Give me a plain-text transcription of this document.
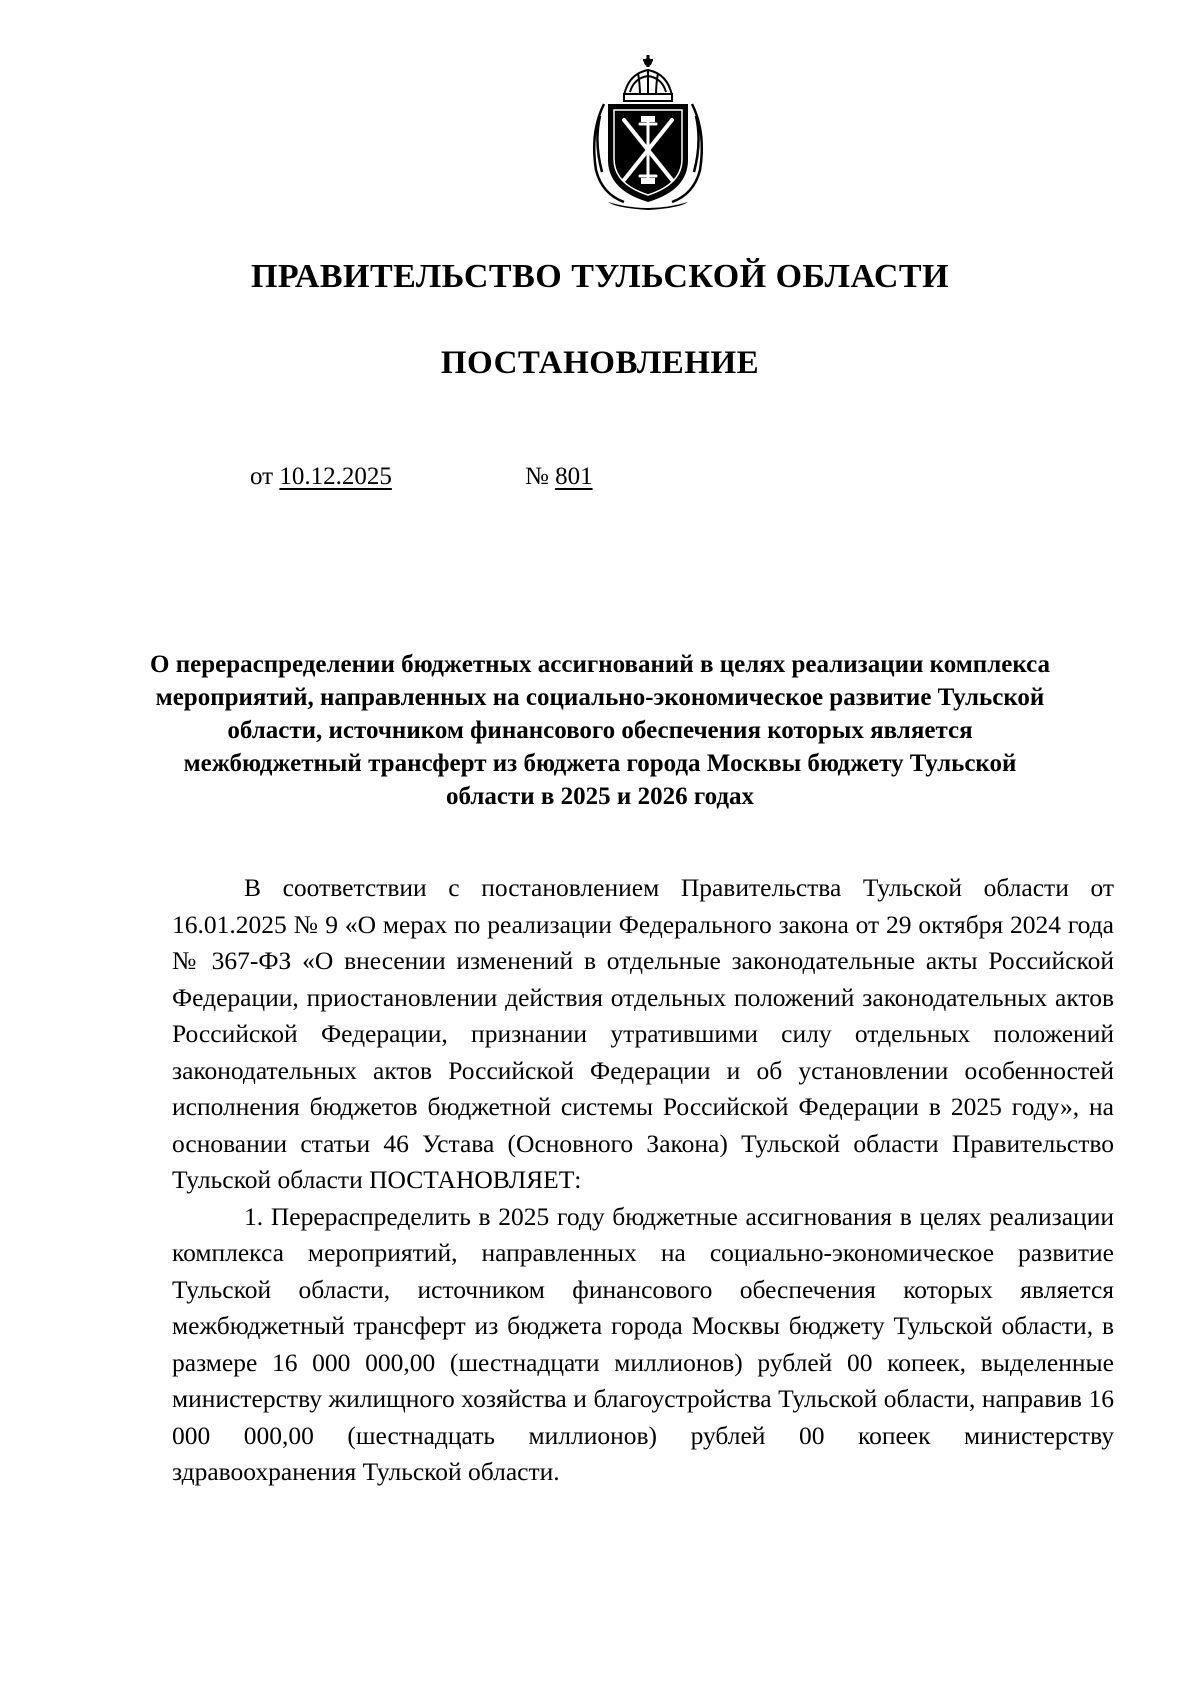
ПРАВИТЕЛЬСТВО ТУЛЬСКОЙ ОБЛАСТИ
ПОСТАНОВЛЕНИЕ
от 10.12.2025	№ 801
О перераспределении бюджетных ассигнований в целях реализации комплекса мероприятий, направленных на социально-экономическое развитие Тульской области, источником финансового обеспечения которых является межбюджетный трансферт из бюджета города Москвы бюджету Тульской области в 2025 и 2026 годах

В соответствии с постановлением Правительства Тульской области от 16.01.2025 № 9 «О мерах по реализации Федерального закона от 29 октября 2024 года № 367-ФЗ «О внесении изменений в отдельные законодательные акты Российской Федерации, приостановлении действия отдельных положений законодательных актов Российской Федерации, признании утратившими силу отдельных положений законодательных актов Российской Федерации и об установлении особенностей исполнения бюджетов бюджетной системы Российской Федерации в 2025 году», на основании статьи 46 Устава (Основного Закона) Тульской области Правительство Тульской области ПОСТАНОВЛЯЕТ:

1. Перераспределить в 2025 году бюджетные ассигнования в целях реализации комплекса мероприятий, направленных на социально-экономическое развитие Тульской области, источником финансового обеспечения которых является межбюджетный трансферт из бюджета города Москвы бюджету Тульской области, в размере 16 000 000,00 (шестнадцати миллионов) рублей 00 копеек, выделенные министерству жилищного хозяйства и благоустройства Тульской области, направив 16 000 000,00 (шестнадцать миллионов) рублей 00 копеек министерству здравоохранения Тульской области.
